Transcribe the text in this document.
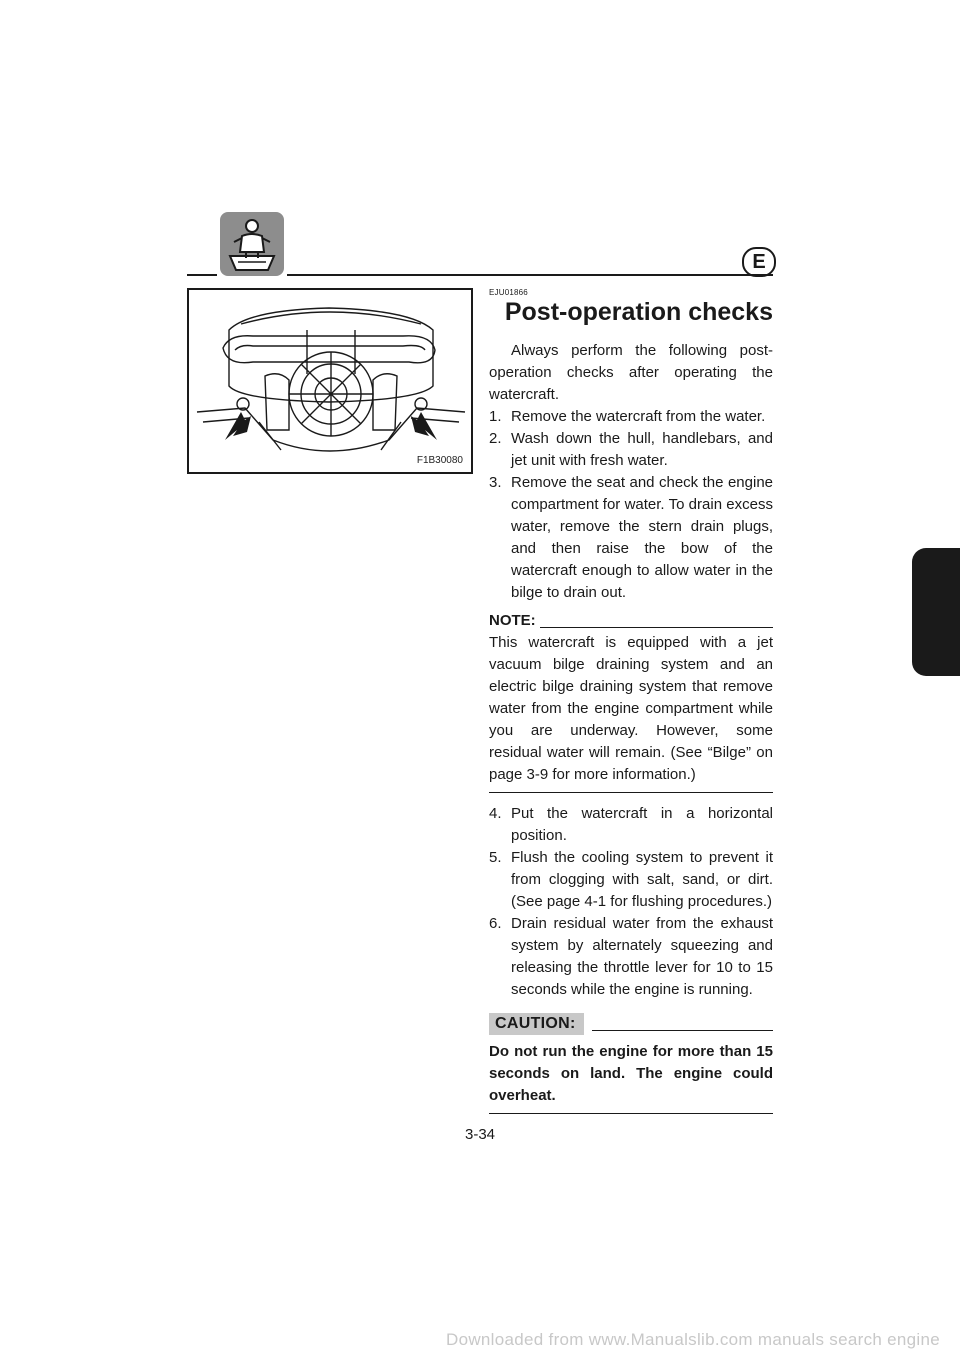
E
F1B30080
EJU01866
Post-operation checks
Always perform the following post-operation checks after operating the watercraft.
1. Remove the watercraft from the water.
2. Wash down the hull, handlebars, and jet unit with fresh water.
3. Remove the seat and check the engine compartment for water. To drain excess water, remove the stern drain plugs, and then raise the bow of the watercraft enough to allow water in the bilge to drain out.
NOTE:
This watercraft is equipped with a jet vacuum bilge draining system and an electric bilge draining system that remove water from the engine compartment while you are underway. However, some residual water will remain. (See “Bilge” on page 3-9 for more information.)
4. Put the watercraft in a horizontal position.
5. Flush the cooling system to prevent it from clogging with salt, sand, or dirt. (See page 4-1 for flushing procedures.)
6. Drain residual water from the exhaust system by alternately squeezing and releasing the throttle lever for 10 to 15 seconds while the engine is running.
CAUTION:
Do not run the engine for more than 15 seconds on land. The engine could overheat.
3-34
Downloaded from www.Manualslib.com manuals search engine
